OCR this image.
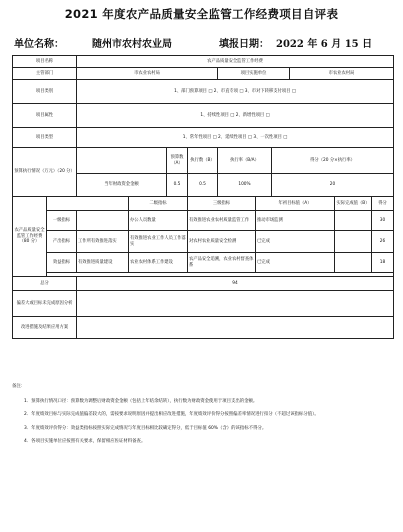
2021 年度农产品质量安全监管工作经费项目自评表
单位名称：	随州市农村农业局	填报日期： 2022 年 6 月 15 日
项目名称		农产品质量安全监管工作经费									
主管部门		市农业农村局				项目实施单位			市农业农村局		
项目类别		1、部门预算项目 □ 2、市直专项 □ 3、市对下转移支付项目 □									
项目属性		1、持续性项目 □ 2、新增性项目 □									
项目类型		1、常年性项目 □ 2、延续性项目 □ 3、一次性项目 □									
预算执行情况（万元）（20 分）				预算数（A）	执行数（B）	执行率（B/A）		得分（20 分×执行率）			
		当年财政资金金额		0.5	0.5	100%		20			
农产品质量安全监管工作经费（80 分）			二级指标		三级指标		年初目标值（A）			实际完成值（B）	得分
	一级指标		办公人员数量		有效推进农业农村质量监管工作		推动市场监测				30
	产出指标	工作所有效推进落实	有效推进农业工作人员工作落实		对农村农业质量安全检测		已完成				26
	效益指标	有效推进质量建设	农业农村体系工作建设		农产品安全追溯，农业农村督查体系		已完成				18

总分		94									
偏差大或目标未完成原因分析											
改进措施及结果应用方案											
备注：

1．预算执行情况口径：预算数为调整后财政资金金额（包括上年结余结转），执行数为财政资金使用于项目支出的金额。

2．年度绩效目标与实际完成值偏差较大的，需按要求说明原因并提出相应改进措施，年度绩效评价得分按照偏差率情况进行扣分（不超过该指标分值）。

3．年度绩效评价得分：效益类指标按照实际完成情况与年度目标相比较确定得分，低于目标值 60%（含）的该指标不得分。

4．各项目实施单位应按照有关要求，保留相应佐证材料备查。
